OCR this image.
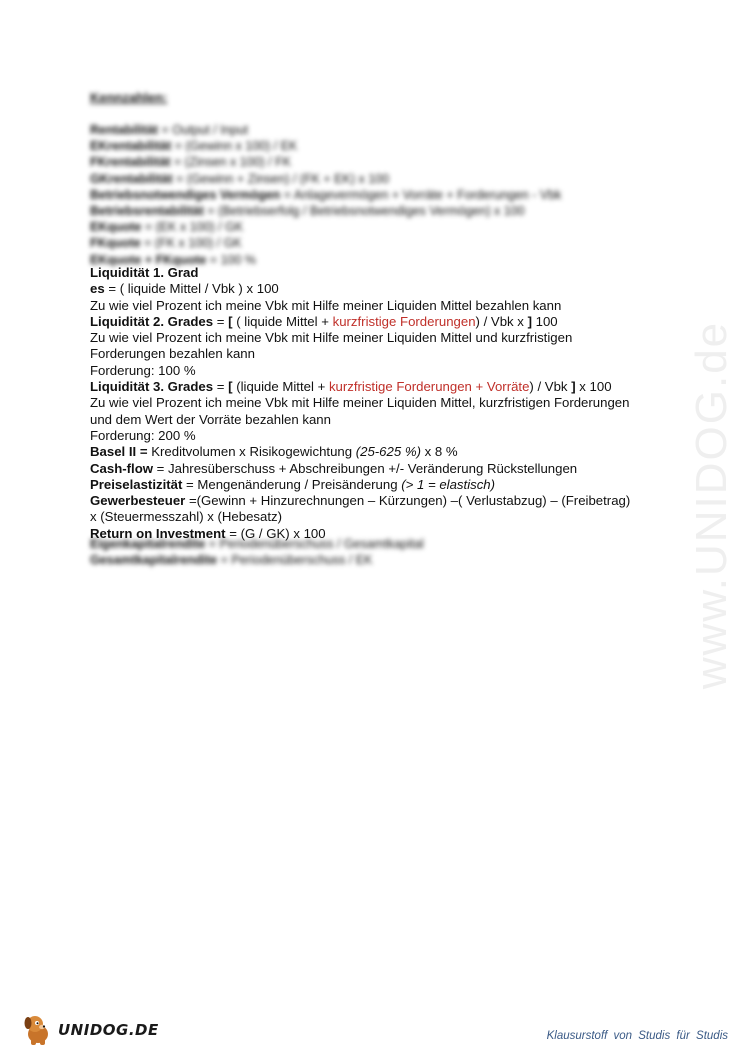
www.UNIDOG.de
Kennzahlen:
Rentabilität = Output / Input
EKrentabilität = (Gewinn x 100) / EK
FKrentabilität = (Zinsen x 100) / FK
GKrentabilität = (Gewinn + Zinsen) / (FK + EK) x 100
Betriebsnotwendiges Vermögen = Anlagevermögen + Vorräte + Forderungen - Vbk
Betriebsrentabilität = (Betriebserfolg / Betriebsnotwendiges Vermögen) x 100
EKquote = (EK x 100) / GK
FKquote = (FK x 100) / GK
EKquote + FKquote = 100 %
Liquidität 1. Grad
es = ( liquide Mittel / Vbk ) x 100
Zu wie viel Prozent ich meine Vbk mit Hilfe meiner Liquiden Mittel bezahlen kann
Liquidität 2. Grades = [ ( liquide Mittel + kurzfristige Forderungen) / Vbk x ] 100
Zu wie viel Prozent ich meine Vbk mit Hilfe meiner Liquiden Mittel und kurzfristigen
Forderungen bezahlen kann
Forderung: 100 %
Liquidität 3. Grades = [ (liquide Mittel + kurzfristige Forderungen + Vorräte) / Vbk ] x 100
Zu wie viel Prozent ich meine Vbk mit Hilfe meiner Liquiden Mittel, kurzfristigen Forderungen
und dem Wert der Vorräte bezahlen kann
Forderung: 200 %
Basel II = Kreditvolumen x Risikogewichtung (25-625 %) x 8 %
Cash-flow = Jahresüberschuss + Abschreibungen +/- Veränderung Rückstellungen
Preiselastizität = Mengenänderung / Preisänderung (> 1 = elastisch)
Gewerbesteuer =(Gewinn + Hinzurechnungen – Kürzungen) –( Verlustabzug) – (Freibetrag)
x (Steuermesszahl) x (Hebesatz)
Return on Investment = (G / GK) x 100
Eigenkapitalrendite = Periodenüberschuss / Gesamtkapital
Gesamtkapitalrendite = Periodenüberschuss / EK
UNIDOG.DE	Klausurstoff von Studis für Studis
